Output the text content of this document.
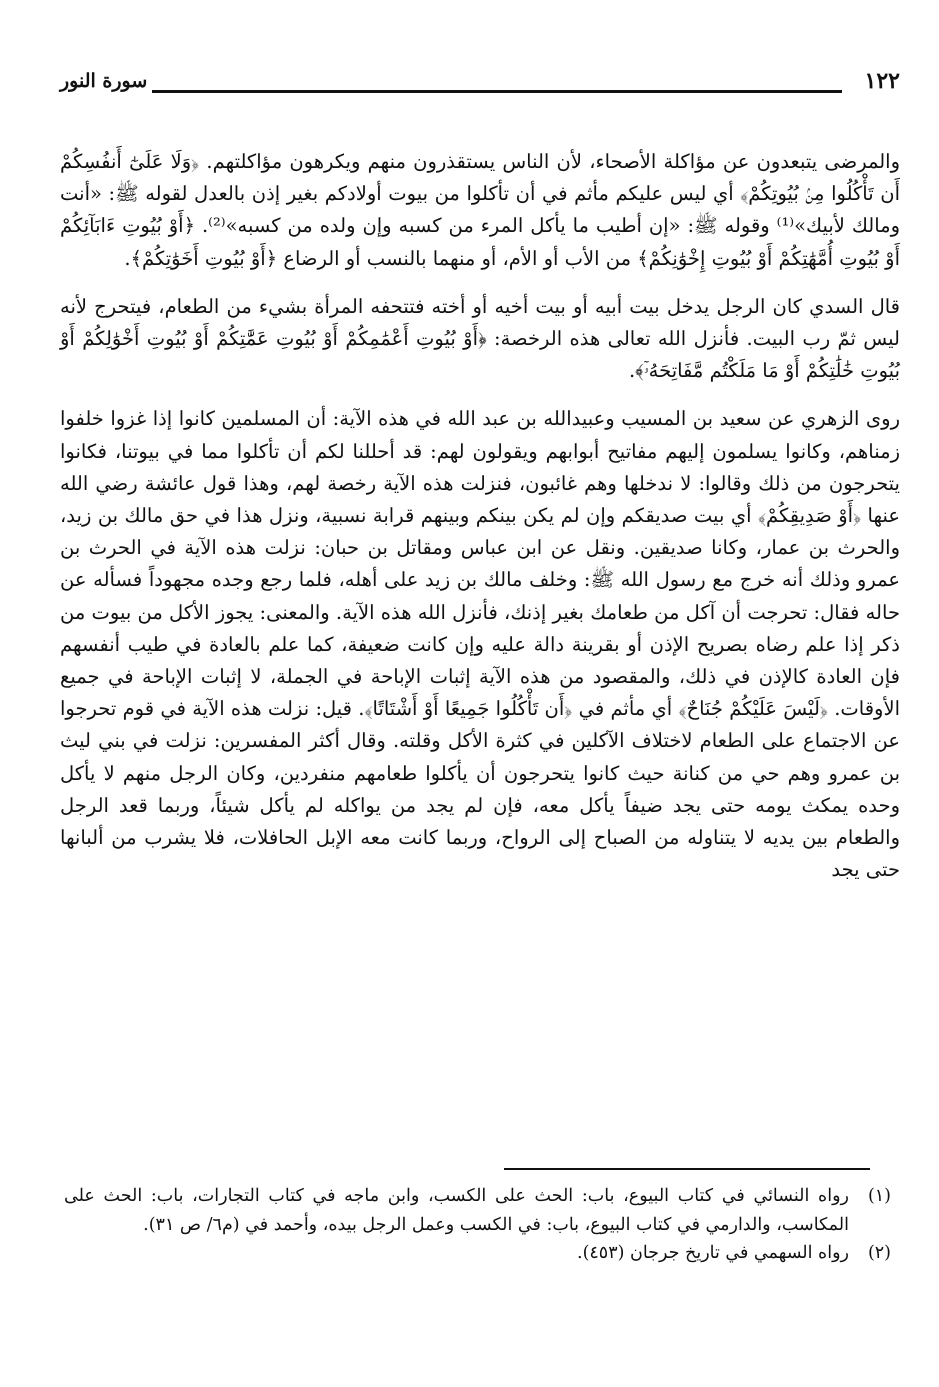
١٢٢
سورة النور

والمرضى يتبعدون عن مؤاكلة الأصحاء، لأن الناس يستقذرون منهم ويكرهون مؤاكلتهم. ﴿وَلَا عَلَىٰٓ أَنفُسِكُمْ أَن تَأْكُلُوا مِنۢ بُيُوتِكُمْ﴾ أي ليس عليكم مأثم في أن تأكلوا من بيوت أولادكم بغير إذن بالعدل لقوله ﷺ: «أنت ومالك لأبيك»⁽¹⁾ وقوله ﷺ: «إن أطيب ما يأكل المرء من كسبه وإن ولده من كسبه»⁽²⁾. ﴿أَوْ بُيُوتِ ءَابَآئِكُمْ أَوْ بُيُوتِ أُمَّهَٰتِكُمْ أَوْ بُيُوتِ إِخْوَٰنِكُمْ﴾ من الأب أو الأم، أو منهما بالنسب أو الرضاع ﴿أَوْ بُيُوتِ أَخَوَٰتِكُمْ﴾.

قال السدي كان الرجل يدخل بيت أبيه أو بيت أخيه أو أخته فتتحفه المرأة بشيء من الطعام، فيتحرج لأنه ليس ثمّ رب البيت. فأنزل الله تعالى هذه الرخصة: ﴿أَوْ بُيُوتِ أَعْمَٰمِكُمْ أَوْ بُيُوتِ عَمَّٰتِكُمْ أَوْ بُيُوتِ أَخْوَٰلِكُمْ أَوْ بُيُوتِ خَٰلَٰتِكُمْ أَوْ مَا مَلَكْتُم مَّفَاتِحَهُۥٓ﴾.

روى الزهري عن سعيد بن المسيب وعبيدالله بن عبد الله في هذه الآية: أن المسلمين كانوا إذا غزوا خلفوا زمناهم، وكانوا يسلمون إليهم مفاتيح أبوابهم ويقولون لهم: قد أحللنا لكم أن تأكلوا مما في بيوتنا، فكانوا يتحرجون من ذلك وقالوا: لا ندخلها وهم غائبون، فنزلت هذه الآية رخصة لهم، وهذا قول عائشة رضي الله عنها ﴿أَوْ صَدِيقِكُمْ﴾ أي بيت صديقكم وإن لم يكن بينكم وبينهم قرابة نسبية، ونزل هذا في حق مالك بن زيد، والحرث بن عمار، وكانا صديقين. ونقل عن ابن عباس ومقاتل بن حبان: نزلت هذه الآية في الحرث بن عمرو وذلك أنه خرج مع رسول الله ﷺ: وخلف مالك بن زيد على أهله، فلما رجع وجده مجهوداً فسأله عن حاله فقال: تحرجت أن آكل من طعامك بغير إذنك، فأنزل الله هذه الآية. والمعنى: يجوز الأكل من بيوت من ذكر إذا علم رضاه بصريح الإذن أو بقرينة دالة عليه وإن كانت ضعيفة، كما علم بالعادة في طيب أنفسهم فإن العادة كالإذن في ذلك، والمقصود من هذه الآية إثبات الإباحة في الجملة، لا إثبات الإباحة في جميع الأوقات. ﴿لَيْسَ عَلَيْكُمْ جُنَاحٌ﴾ أي مأثم في ﴿أَن تَأْكُلُوا جَمِيعًا أَوْ أَشْتَاتًا﴾. قيل: نزلت هذه الآية في قوم تحرجوا عن الاجتماع على الطعام لاختلاف الآكلين في كثرة الأكل وقلته. وقال أكثر المفسرين: نزلت في بني ليث بن عمرو وهم حي من كنانة حيث كانوا يتحرجون أن يأكلوا طعامهم منفردين، وكان الرجل منهم لا يأكل وحده يمكث يومه حتى يجد ضيفاً يأكل معه، فإن لم يجد من يواكله لم يأكل شيئاً، وربما قعد الرجل والطعام بين يديه لا يتناوله من الصباح إلى الرواح، وربما كانت معه الإبل الحافلات، فلا يشرب من ألبانها حتى يجد

(١)
رواه النسائي في كتاب البيوع، باب: الحث على الكسب، وابن ماجه في كتاب التجارات، باب: الحث على المكاسب، والدارمي في كتاب البيوع، باب: في الكسب وعمل الرجل بيده، وأحمد في (م٦/ ص ٣١).
(٢)
رواه السهمي في تاريخ جرجان (٤٥٣).
